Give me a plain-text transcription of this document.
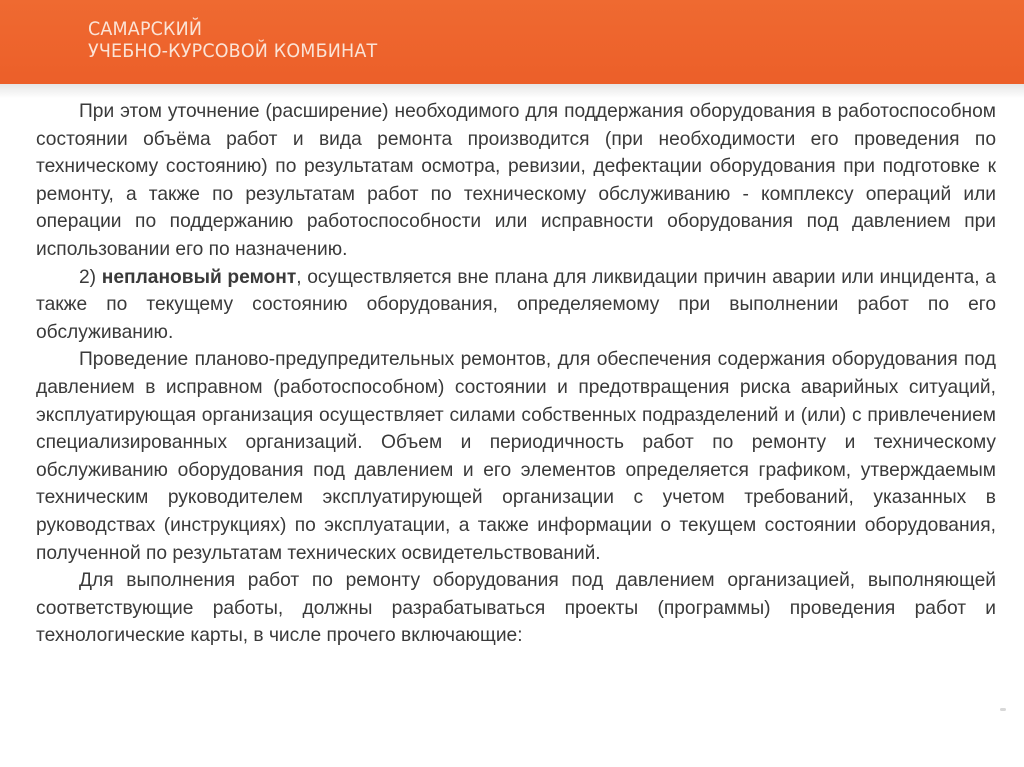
САМАРСКИЙ
УЧЕБНО-КУРСОВОЙ КОМБИНАТ

При этом уточнение (расширение) необходимого для поддержания оборудования в работоспособном состоянии объёма работ и вида ремонта производится (при необходимости его проведения по техническому состоянию) по результатам осмотра, ревизии, дефектации оборудования при подготовке к ремонту, а также по результатам работ по техническому обслуживанию - комплексу операций или операции по поддержанию работоспособности или исправности оборудования под давлением при использовании его по назначению.

2) неплановый ремонт, осуществляется вне плана для ликвидации причин аварии или инцидента, а также по текущему состоянию оборудования, определяемому при выполнении работ по его обслуживанию.

Проведение планово-предупредительных ремонтов, для обеспечения содержания оборудования под давлением в исправном (работоспособном) состоянии и предотвращения риска аварийных ситуаций, эксплуатирующая организация осуществляет силами собственных подразделений и (или) с привлечением специализированных организаций. Объем и периодичность работ по ремонту и техническому обслуживанию оборудования под давлением и его элементов определяется графиком, утверждаемым техническим руководителем эксплуатирующей организации с учетом требований, указанных в руководствах (инструкциях) по эксплуатации, а также информации о текущем состоянии оборудования, полученной по результатам технических освидетельствований.

Для выполнения работ по ремонту оборудования под давлением организацией, выполняющей соответствующие работы, должны разрабатываться проекты (программы) проведения работ и технологические карты, в числе прочего включающие:
